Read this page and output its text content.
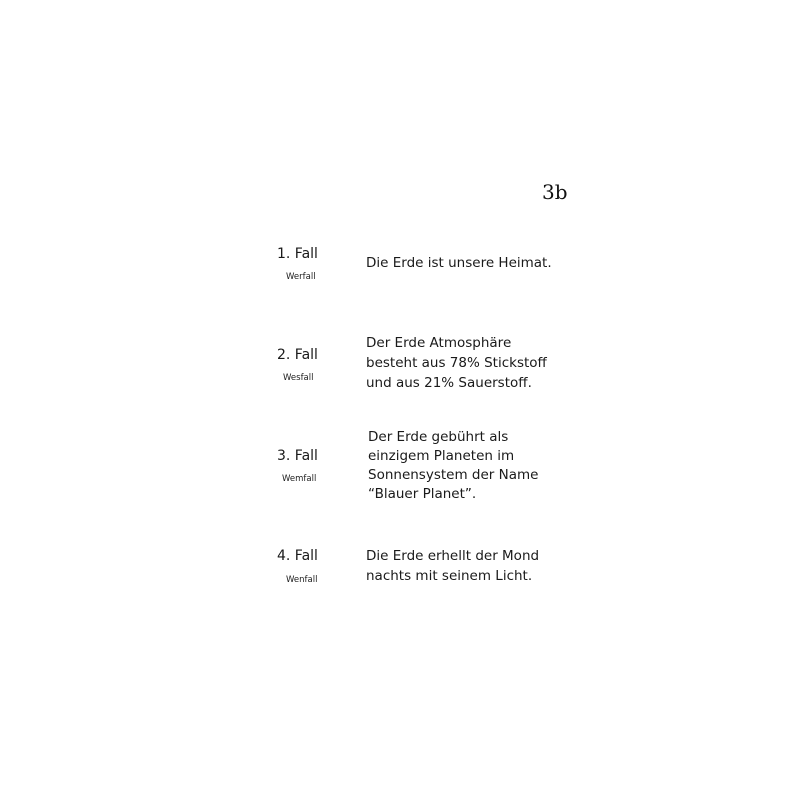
3b
1. Fall
Werfall
Die Erde ist unsere Heimat.
2. Fall
Wesfall
Der Erde Atmosphäre
besteht aus 78% Stickstoff
und aus 21% Sauerstoff.
3. Fall
Wemfall
Der Erde gebührt als
einzigem Planeten im
Sonnensystem der Name
“Blauer Planet”.
4. Fall
Wenfall
Die Erde erhellt der Mond
nachts mit seinem Licht.
